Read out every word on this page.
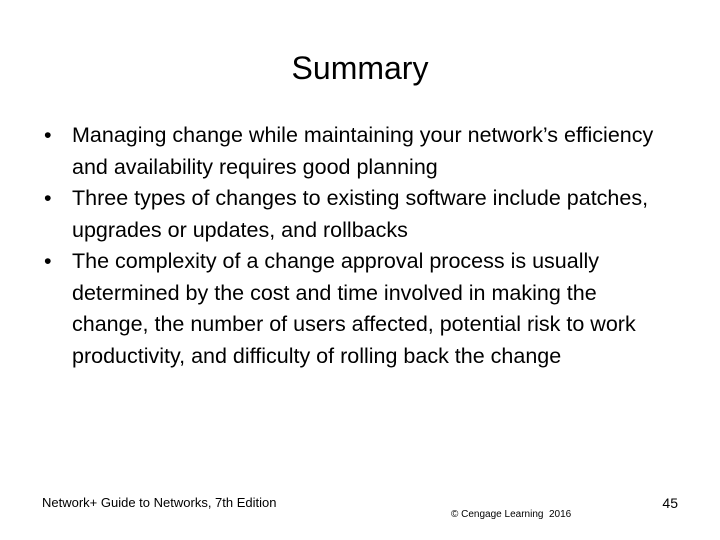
Summary
• Managing change while maintaining your network’s efficiency and availability requires good planning
• Three types of changes to existing software include patches, upgrades or updates, and rollbacks
• The complexity of a change approval process is usually determined by the cost and time involved in making the change, the number of users affected, potential risk to work productivity, and difficulty of rolling back the change
Network+ Guide to Networks, 7th Edition
© Cengage Learning  2016
45
